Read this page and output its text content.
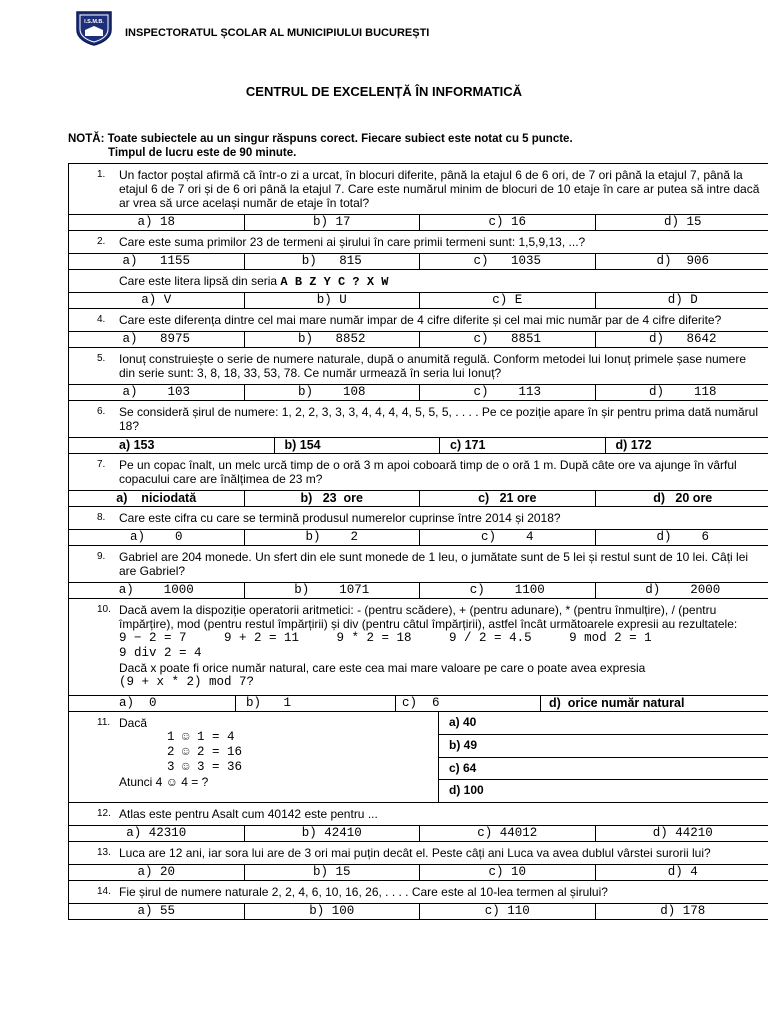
I.S.M.B.
INSPECTORATUL ȘCOLAR AL MUNICIPIULUI BUCUREȘTI
CENTRUL DE EXCELENȚĂ ÎN INFORMATICĂ
NOTĂ: Toate subiectele au un singur răspuns corect. Fiecare subiect este notat cu 5 puncte.
Timpul de lucru este de 90 minute.
1.	Un factor poștal afirmă că într-o zi a urcat, în blocuri diferite, până la etajul 6 de 6 ori, de 7 ori până la etajul 7, până la etajul 6 de 7 ori și de 6 ori până la etajul 7. Care este numărul minim de blocuri de 10 etaje în care ar putea să intre dacă ar vrea să urce același număr de etaje în total?
a) 18	b) 17	c) 16	d) 15

2.	Care este suma primilor 23 de termeni ai șirului în care primii termeni sunt: 1,5,9,13, ...?
a)   1155	b)   815	c)   1035	d)  906

Care este litera lipsă din seria A B Z Y C ? X W
a) V	b) U	c) E	d) D

4.	Care este diferența dintre cel mai mare număr impar de 4 cifre diferite și cel mai mic număr par de 4 cifre diferite?
a)   8975	b)   8852	c)   8851	d)   8642

5.	Ionuț construiește o serie de numere naturale, după o anumită regulă. Conform metodei lui Ionuț primele șase numere din serie sunt: 3, 8, 18, 33, 53, 78. Ce număr urmează în seria lui Ionuț?
a)    103	b)    108	c)    113	d)    118

6.	Se consideră șirul de numere: 1, 2, 2, 3, 3, 3, 4, 4, 4, 4, 5, 5, 5, . . . . Pe ce poziție apare în șir pentru prima dată numărul 18?
a) 153	b) 154	c) 171	d) 172

7.	Pe un copac înalt, un melc urcă timp de o oră 3 m apoi coboară timp de o oră 1 m. După câte ore va ajunge în vârful copacului care are înălțimea de 23 m?
a)    niciodată	b)   23  ore	c)   21 ore	d)   20 ore

8.	Care este cifra cu care se termină produsul numerelor cuprinse între 2014 și 2018?
a)    0	b)    2	c)    4	d)    6

9.	Gabriel are 204 monede. Un sfert din ele sunt monede de 1 leu, o jumătate sunt de 5 lei și restul sunt de 10 lei. Câți lei are Gabriel?
a)    1000	b)    1071	c)    1100	d)    2000

10. Dacă avem la dispoziție operatorii aritmetici: - (pentru scădere), + (pentru adunare), * (pentru înmulțire), / (pentru împărțire), mod (pentru restul împărțirii) și div (pentru câtul împărțirii), astfel încât următoarele expresii au rezultatele:
9 − 2 = 7     9 + 2 = 11     9 * 2 = 18     9 / 2 = 4.5     9 mod 2 = 1
9 div 2 = 4
Dacă x poate fi orice număr natural, care este cea mai mare valoare pe care o poate avea expresia
(9 + x * 2) mod 7?
a)  0	b)   1	c)  6	d)  orice număr natural

11. Dacă
1 ☺ 1 = 4
2 ☺ 2 = 16
3 ☺ 3 = 36
Atunci 4 ☺ 4 = ?
a) 40
b) 49
c) 64
d) 100

12. Atlas este pentru Asalt cum 40142 este pentru ...
a) 42310	b) 42410	c) 44012	d) 44210

13. Luca are 12 ani, iar sora lui are de 3 ori mai puțin decât el. Peste câți ani Luca va avea dublul vârstei surorii lui?
a) 20	b) 15	c) 10	d) 4

14. Fie șirul de numere naturale 2, 2, 4, 6, 10, 16, 26, . . . . Care este al 10-lea termen al șirului?
a) 55	b) 100	c) 110	d) 178
